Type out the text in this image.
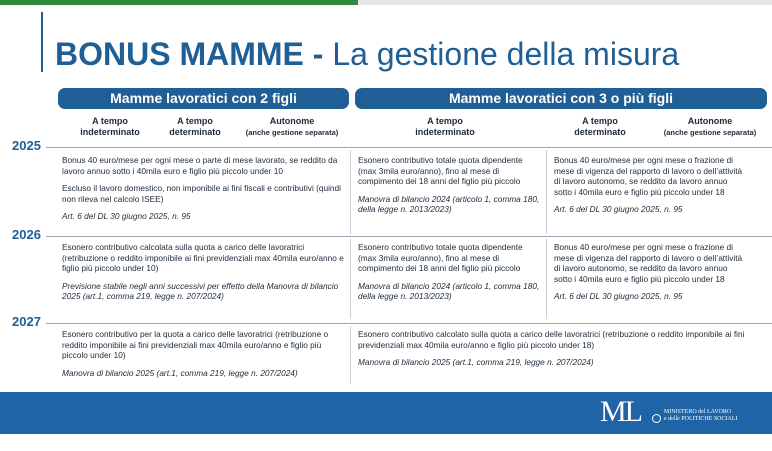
BONUS MAMME - La gestione della misura
Mamme lavoratici con 2 figli	Mamme lavoratici con 3 o più figli
A tempo
indeterminato
A tempo
determinato
Autonome
(anche gestione separata)
A tempo
indeterminato
A tempo
determinato
Autonome
(anche gestione separata)
2025
2026
2027

Bonus 40 euro/mese per ogni mese o parte di mese lavorato, se reddito da lavoro annuo sotto i 40mila euro e figlio più piccolo under 10

Escluso il lavoro domestico, non imponibile ai fini fiscali e contributivi (quindi non rileva nel calcolo ISEE)

Art. 6 del DL 30 giugno 2025, n. 95

Esonero contributivo totale quota dipendente (max 3mila euro/anno), fino al mese di compimento dei 18 anni del figlio più piccolo

Manovra di bilancio 2024 (articolo 1, comma 180, della legge n. 2013/2023)

Bonus 40 euro/mese per ogni mese o frazione di mese di vigenza del rapporto di lavoro o dell’attività di lavoro autonomo, se reddito da lavoro annuo sotto i 40mila euro e figlio più piccolo under 18

Art. 6 del DL 30 giugno 2025, n. 95

Esonero contributivo calcolata sulla quota a carico delle lavoratrici (retribuzione o reddito imponibile ai fini previdenziali max 40mila euro/anno e figlio più piccolo under 10)

Previsione stabile negli anni successivi per effetto della Manovra di bilancio 2025 (art.1, comma 219, legge n. 207/2024)

Esonero contributivo totale quota dipendente (max 3mila euro/anno), fino al mese di compimento dei 18 anni del figlio più piccolo

Manovra di bilancio 2024 (articolo 1, comma 180, della legge n. 2013/2023)

Bonus 40 euro/mese per ogni mese o frazione di mese di vigenza del rapporto di lavoro o dell’attività di lavoro autonomo, se reddito da lavoro annuo sotto i 40mila euro e figlio più piccolo under 18

Art. 6 del DL 30 giugno 2025, n. 95

Esonero contributivo per la quota a carico delle lavoratrici (retribuzione o reddito imponibile ai fini previdenziali max 40mila euro/anno e figlio più piccolo under 10)

Manovra di bilancio 2025 (art.1, comma 219, legge n. 207/2024)

Esonero contributivo calcolato sulla quota a carico delle lavoratrici (retribuzione o reddito imponibile ai fini previdenziali max 40mila euro/anno e figlio più piccolo under 18)

Manovra di bilancio 2025 (art.1, comma 219, legge n. 207/2024)

ML	MINISTERO del LAVORO
e delle POLITICHE SOCIALI
